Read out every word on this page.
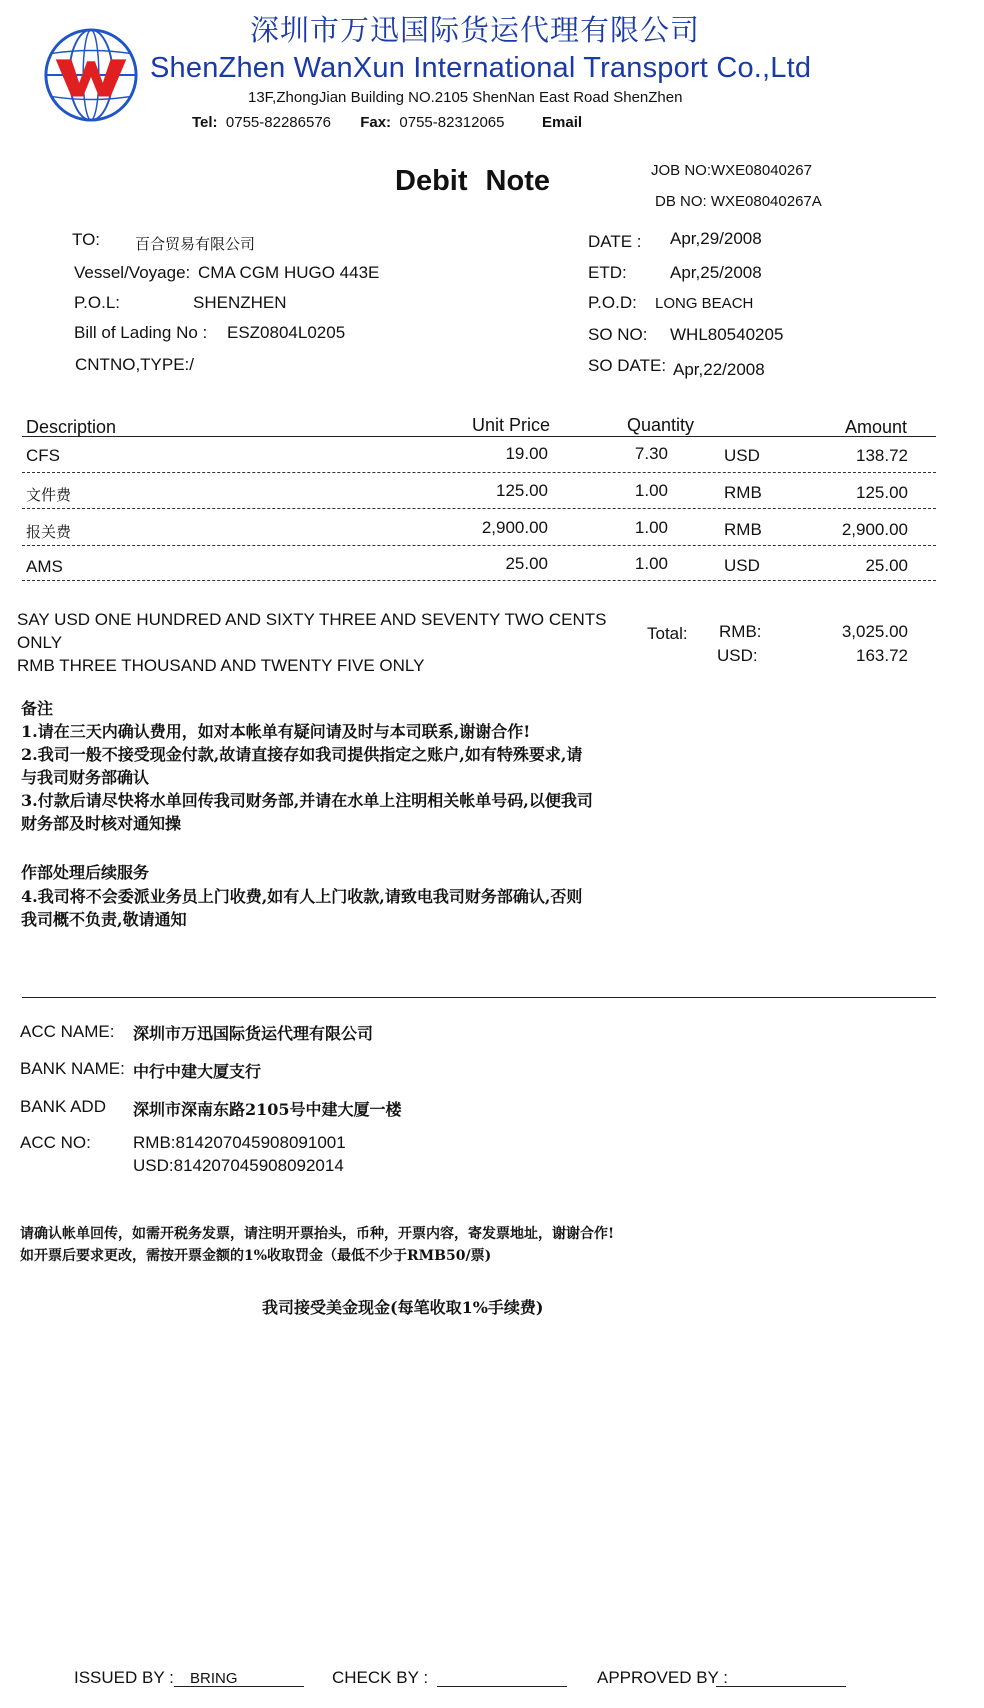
深圳市万迅国际货运代理有限公司
ShenZhen WanXun International Transport Co.,Ltd
13F,ZhongJian Building NO.2105 ShenNan East Road ShenZhen
Tel: 0755-82286576 Fax: 0755-82312065	Email
Debit Note	JOB NO:WXE08040267
DB NO: WXE08040267A
TO: 百合贸易有限公司
Vessel/Voyage: CMA CGM HUGO 443E
P.O.L:	SHENZHEN
Bill of Lading No : ESZ0804L0205
CNTNO,TYPE:/
DATE : Apr,29/2008
ETD:	Apr,25/2008
P.O.D: LONG BEACH
SO NO: WHL80540205
SO DATE: Apr,22/2008
Description	Unit Price	Quantity	Amount
CFS	19.00	7.30	USD	138.72
文件费	125.00	1.00	RMB	125.00
报关费	2,900.00	1.00	RMB	2,900.00
AMS	25.00	1.00	USD	25.00
SAY USD ONE HUNDRED AND SIXTY THREE AND SEVENTY TWO CENTS
ONLY
RMB THREE THOUSAND AND TWENTY FIVE ONLY
Total: RMB:	3,025.00
USD:	163.72
备注
1.请在三天内确认费用，如对本帐单有疑问请及时与本司联系,谢谢合作!
2.我司一般不接受现金付款,故请直接存如我司提供指定之账户,如有特殊要求,请
与我司财务部确认
3.付款后请尽快将水单回传我司财务部,并请在水单上注明相关帐单号码,以便我司
财务部及时核对通知操
作部处理后续服务
4.我司将不会委派业务员上门收费,如有人上门收款,请致电我司财务部确认,否则
我司概不负责,敬请通知
ACC NAME: 深圳市万迅国际货运代理有限公司
BANK NAME: 中行中建大厦支行
BANK ADD 深圳市深南东路2105号中建大厦一楼
ACC NO: RMB:814207045908091001
USD:814207045908092014
请确认帐单回传，如需开税务发票，请注明开票抬头，币种，开票内容，寄发票地址，谢谢合作!
如开票后要求更改，需按开票金额的1%收取罚金（最低不少于RMB50/票)
我司接受美金现金(每笔收取1%手续费)
ISSUED BY : BRING	CHECK BY :	APPROVED BY :
